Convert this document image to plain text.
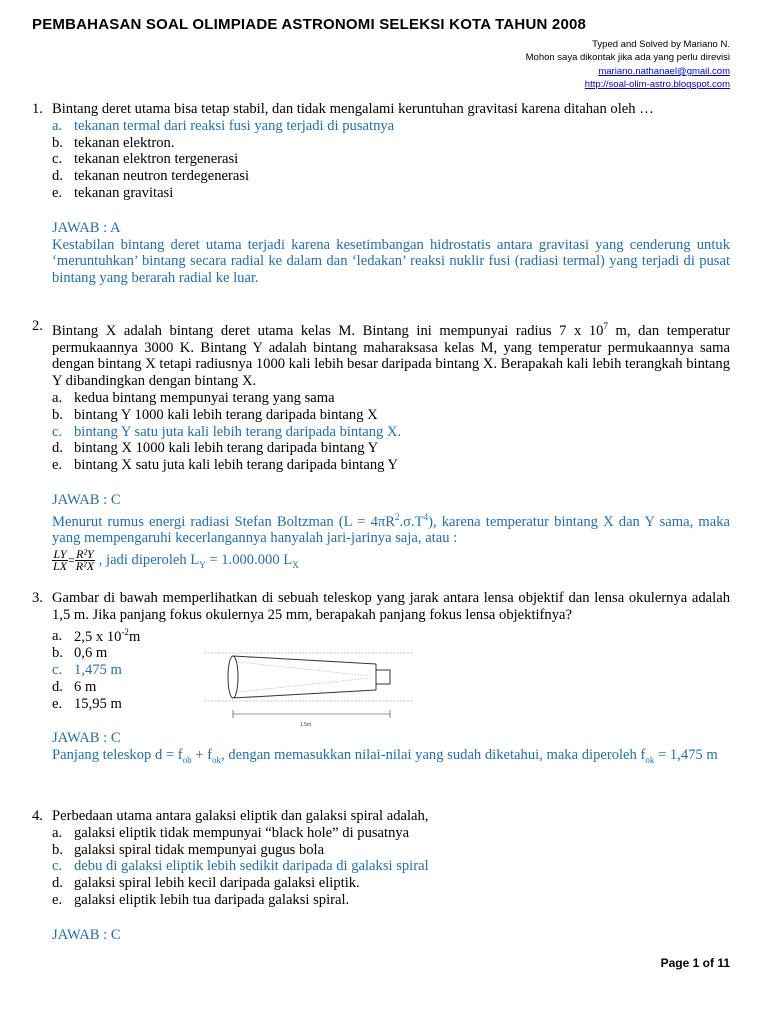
PEMBAHASAN SOAL OLIMPIADE ASTRONOMI SELEKSI KOTA TAHUN 2008
Typed and Solved by Mariano N.
Mohon saya dikontak jika ada yang perlu direvisi
mariano.nathanael@gmail.com
http://soal-olim-astro.blogspot.com
1. Bintang deret utama bisa tetap stabil, dan tidak mengalami keruntuhan gravitasi karena ditahan oleh …
a. tekanan termal dari reaksi fusi yang terjadi di pusatnya
b. tekanan elektron.
c. tekanan elektron tergenerasi
d. tekanan neutron terdegenerasi
e. tekanan gravitasi
JAWAB : A
Kestabilan bintang deret utama terjadi karena kesetimbangan hidrostatis antara gravitasi yang cenderung untuk ‘meruntuhkan’ bintang secara radial ke dalam dan ‘ledakan’ reaksi nuklir fusi (radiasi termal) yang terjadi di pusat bintang yang berarah radial ke luar.
2. Bintang X adalah bintang deret utama kelas M. Bintang ini mempunyai radius 7 x $10^7$ m, dan temperatur permukaannya 3000 K. Bintang Y adalah bintang maharaksasa kelas M, yang temperatur permukaannya sama dengan bintang X tetapi radiusnya 1000 kali lebih besar daripada bintang X. Berapakah kali lebih terangkah bintang Y dibandingkan dengan bintang X.
a. kedua bintang mempunyai terang yang sama
b. bintang Y 1000 kali lebih terang daripada bintang X
c. bintang Y satu juta kali lebih terang daripada bintang X.
d. bintang X 1000 kali lebih terang daripada bintang Y
e. bintang X satu juta kali lebih terang daripada bintang Y
JAWAB : C
Menurut rumus energi radiasi Stefan Boltzman $(L = 4\pi R^2.\sigma.T^4)$, karena temperatur bintang X dan Y sama, maka yang mempengaruhi kecerlangannya hanyalah jari-jarinya saja, atau :
$\frac{LY}{LX} = \frac{\text{R²Y}}{\text{R²X}}$ , jadi diperoleh $L_Y = 1.000.000$ $L_X$
3. Gambar di bawah memperlihatkan di sebuah teleskop yang jarak antara lensa objektif dan lensa okulernya adalah 1,5 m. Jika panjang fokus okulernya 25 mm, berapakah panjang fokus lensa objektifnya?
a. 2,5 x $10^{-2}m$
b. 0,6 m
c. 1,475 m
d. 6 m
e. 15,95 m
JAWAB : C
Panjang teleskop $d = f_{ob} + f_{ok}$, dengan memasukkan nilai-nilai yang sudah diketahui, maka diperoleh $f_{ok} = 1,475$ m
1.5m
4. Perbedaan utama antara galaksi eliptik dan galaksi spiral adalah,
a. galaksi eliptik tidak mempunyai “black hole” di pusatnya
b. galaksi spiral tidak mempunyai gugus bola
c. debu di galaksi eliptik lebih sedikit daripada di galaksi spiral
d. galaksi spiral lebih kecil daripada galaksi eliptik.
e. galaksi eliptik lebih tua daripada galaksi spiral.
JAWAB : C
Page 1 of 11
